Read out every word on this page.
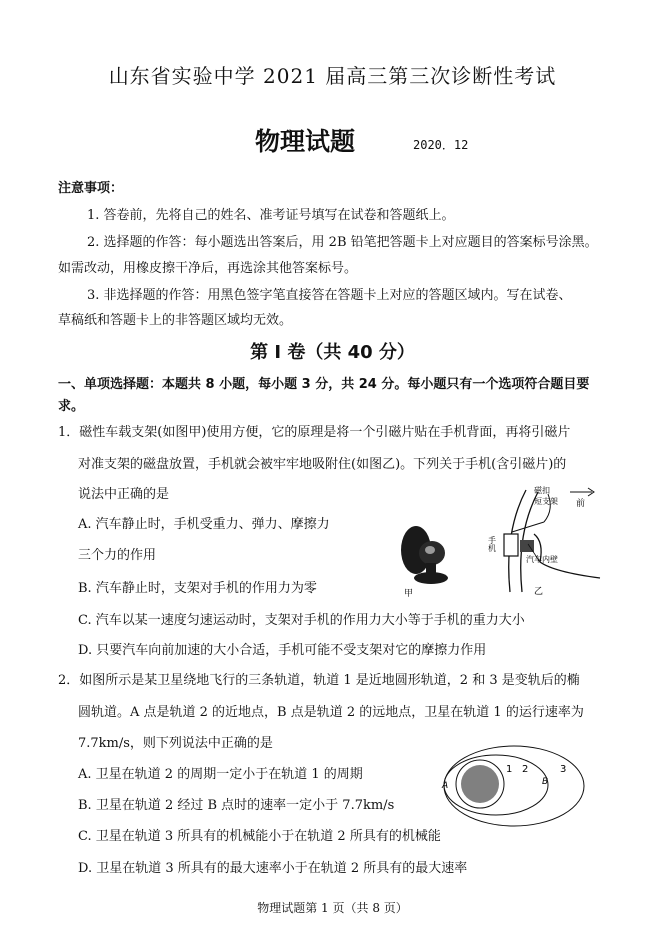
山东省实验中学 2021 届高三第三次诊断性考试
物理试题	2020．12
注意事项：
1. 答卷前，先将自己的姓名、准考证号填写在试卷和答题纸上。
2. 选择题的作答：每小题选出答案后，用 2B 铅笔把答题卡上对应题目的答案标号涂黑。
如需改动，用橡皮擦干净后，再选涂其他答案标号。
3. 非选择题的作答：用黑色签字笔直接答在答题卡上对应的答题区域内。写在试卷、
草稿纸和答题卡上的非答题区域均无效。
第 Ⅰ 卷（共 40 分）
一、单项选择题：本题共 8 小题，每小题 3 分，共 24 分。每小题只有一个选项符合题目要
求。
1．磁性车载支架(如图甲)使用方便，它的原理是将一个引磁片贴在手机背面，再将引磁片
对准支架的磁盘放置，手机就会被牢牢地吸附住(如图乙)。下列关于手机(含引磁片)的
说法中正确的是
A. 汽车静止时，手机受重力、弹力、摩擦力
三个力的作用
B. 汽车静止时，支架对手机的作用力为零
C. 汽车以某一速度匀速运动时，支架对手机的作用力大小等于手机的重力大小
D. 只要汽车向前加速的大小合适，手机可能不受支架对它的摩擦力作用
甲
磁扣
短支架 前
手机
汽车内壁
乙
2．如图所示是某卫星绕地飞行的三条轨道，轨道 1 是近地圆形轨道，2 和 3 是变轨后的椭
圆轨道。A 点是轨道 2 的近地点，B 点是轨道 2 的远地点，卫星在轨道 1 的运行速率为
7.7km/s，则下列说法中正确的是
A. 卫星在轨道 2 的周期一定小于在轨道 1 的周期
B. 卫星在轨道 2 经过 B 点时的速率一定小于 7.7km/s
C. 卫星在轨道 3 所具有的机械能小于在轨道 2 所具有的机械能
D. 卫星在轨道 3 所具有的最大速率小于在轨道 2 所具有的最大速率
A	B
1 2	3
物理试题第 1 页（共 8 页）
